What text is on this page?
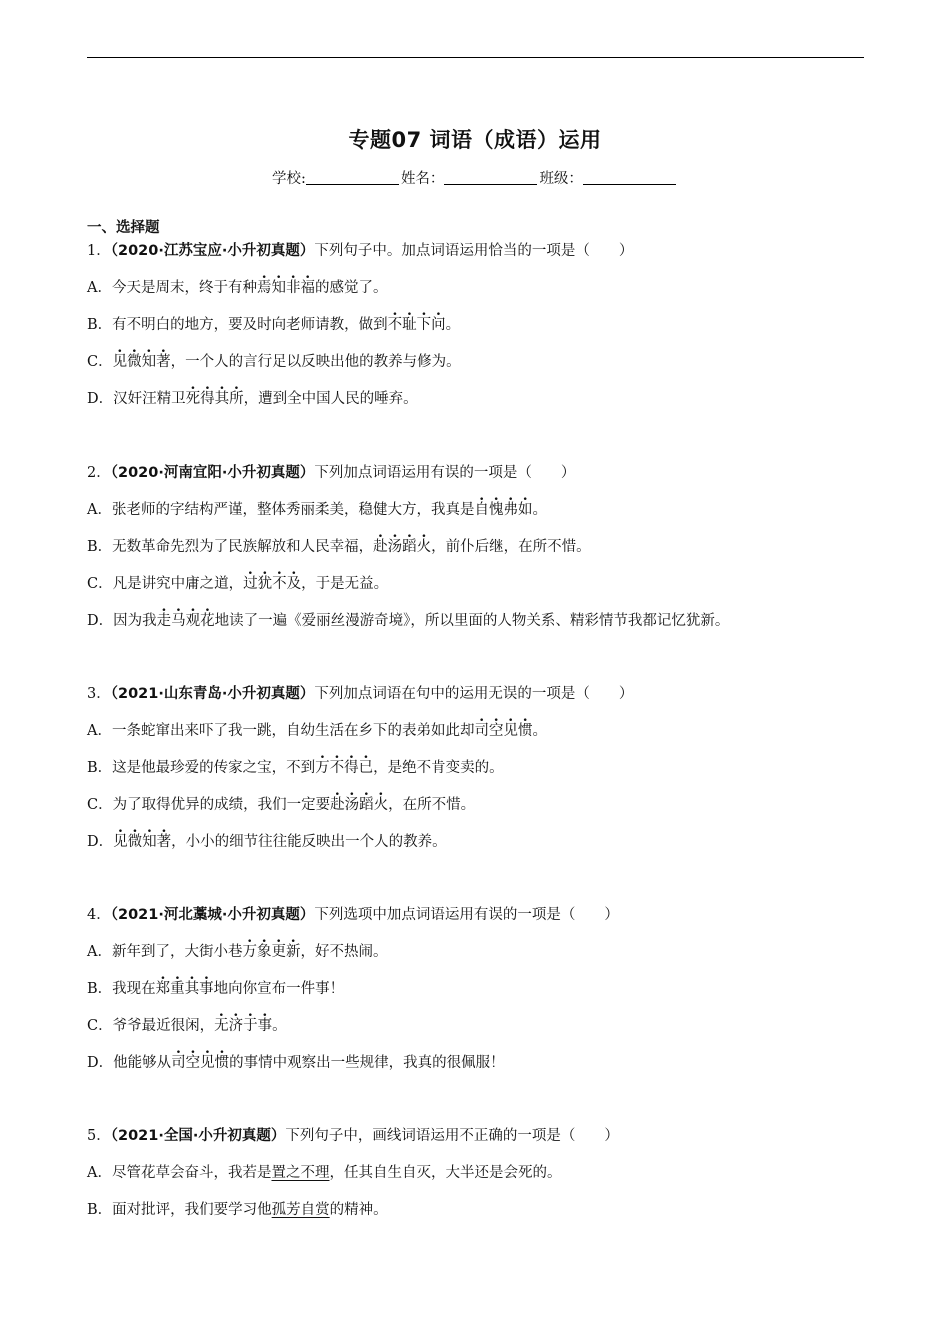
专题07 词语（成语）运用
学校:	姓名：	班级：
一、选择题
1．（2020·江苏宝应·小升初真题）下列句子中。加点词语运用恰当的一项是（　　）
A．今天是周末，终于有种焉知非福的感觉了。
B．有不明白的地方，要及时向老师请教，做到不耻下问。
C．见微知著，一个人的言行足以反映出他的教养与修为。
D．汉奸汪精卫死得其所，遭到全中国人民的唾弃。
2．（2020·河南宜阳·小升初真题）下列加点词语运用有误的一项是（　　）
A．张老师的字结构严谨，整体秀丽柔美，稳健大方，我真是自愧弗如。
B．无数革命先烈为了民族解放和人民幸福，赴汤蹈火，前仆后继，在所不惜。
C．凡是讲究中庸之道，过犹不及，于是无益。
D．因为我走马观花地读了一遍《爱丽丝漫游奇境》，所以里面的人物关系、精彩情节我都记忆犹新。
3．（2021·山东青岛·小升初真题）下列加点词语在句中的运用无误的一项是（　　）
A．一条蛇窜出来吓了我一跳，自幼生活在乡下的表弟如此却司空见惯。
B．这是他最珍爱的传家之宝，不到万不得已，是绝不肯变卖的。
C．为了取得优异的成绩，我们一定要赴汤蹈火，在所不惜。
D．见微知著，小小的细节往往能反映出一个人的教养。
4．（2021·河北藁城·小升初真题）下列选项中加点词语运用有误的一项是（　　）
A．新年到了，大街小巷万象更新，好不热闹。
B．我现在郑重其事地向你宣布一件事！
C．爷爷最近很闲，无济于事。
D．他能够从司空见惯的事情中观察出一些规律，我真的很佩服！
5．（2021·全国·小升初真题）下列句子中，画线词语运用不正确的一项是（　　）
A．尽管花草会奋斗，我若是置之不理，任其自生自灭，大半还是会死的。
B．面对批评，我们要学习他孤芳自赏的精神。
